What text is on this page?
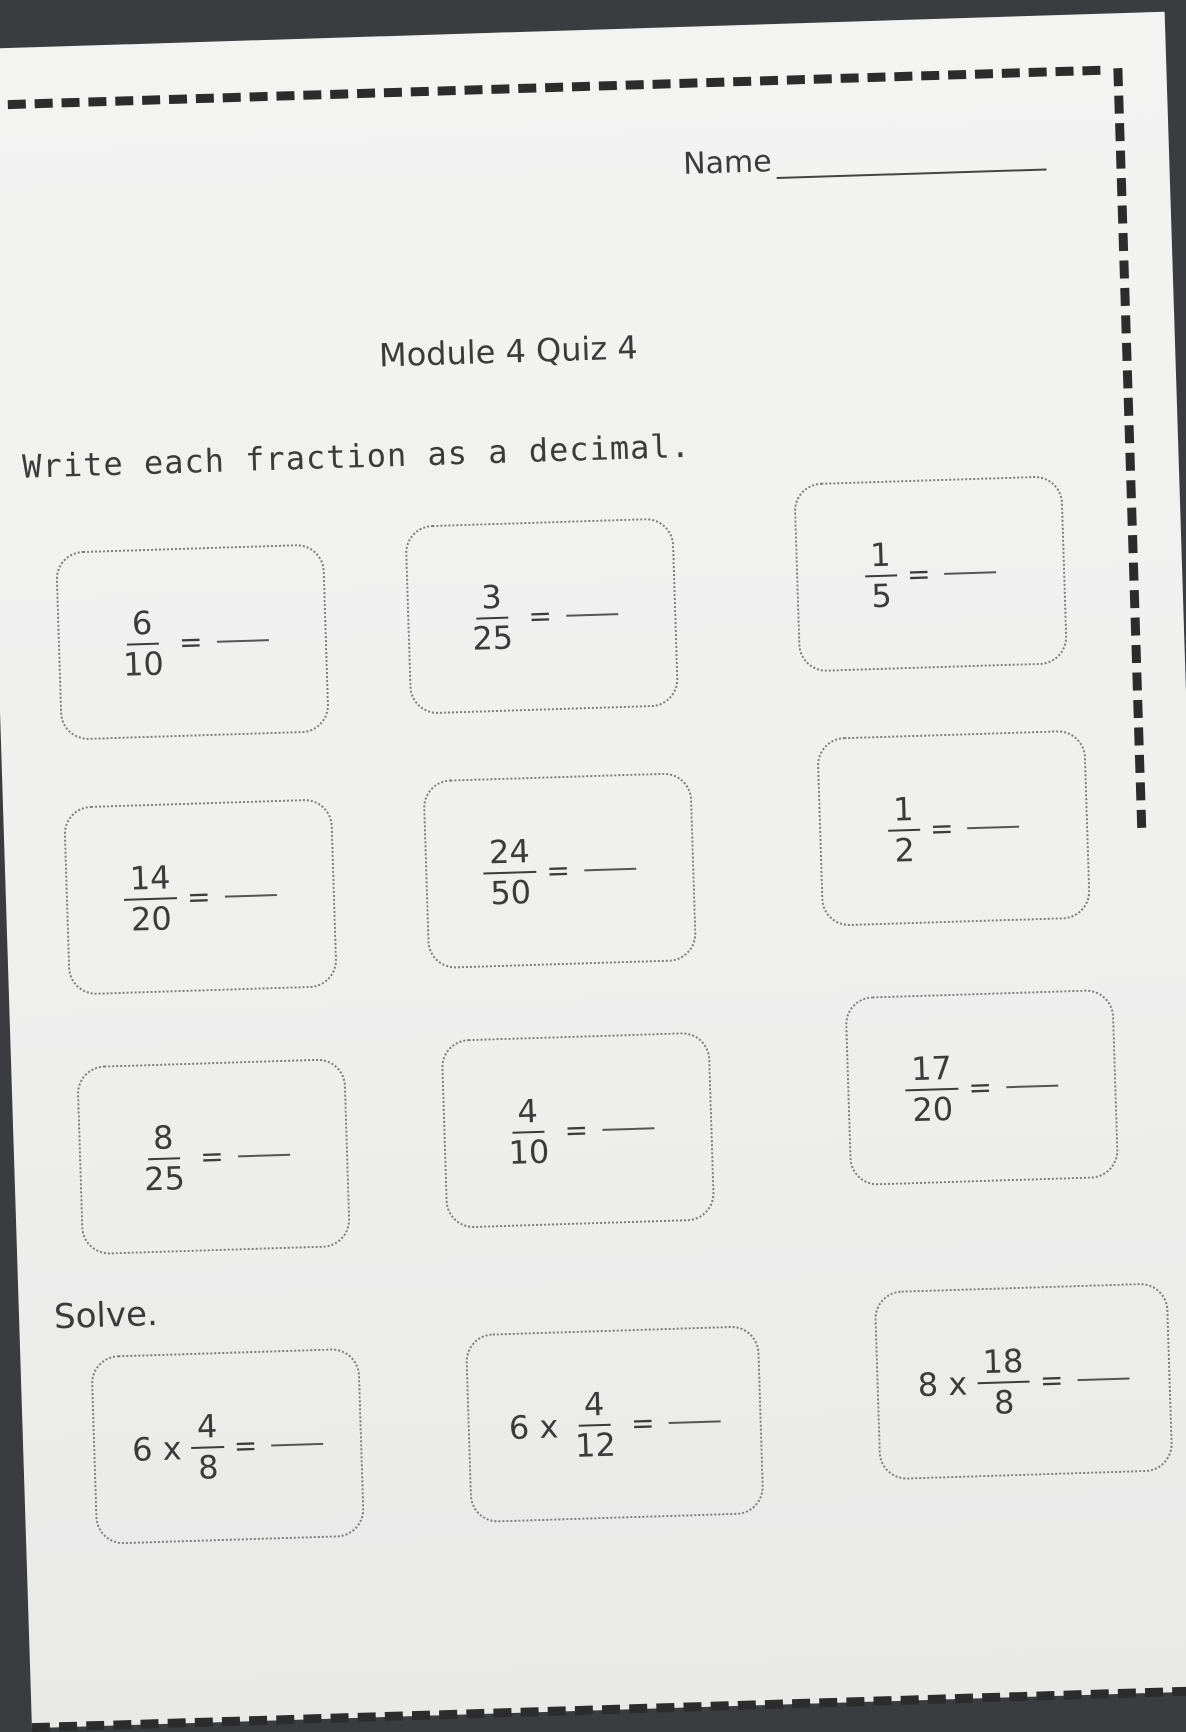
Name
Module 4 Quiz 4
Write each fraction as a decimal.
$\frac{6}{10}$ =	$\frac{3}{25}$ =
$\frac{1}{5}$ =
$\frac{14}{20}$ =	$\frac{24}{50}$ =
$\frac{1}{2}$ =
$\frac{8}{25}$ =	$\frac{4}{10}$ =
$\frac{17}{20}$ =
Solve.
6 x $\frac{4}{8}$ =	6 x $\frac{4}{12}$ =
8 x $\frac{18}{8}$ =
